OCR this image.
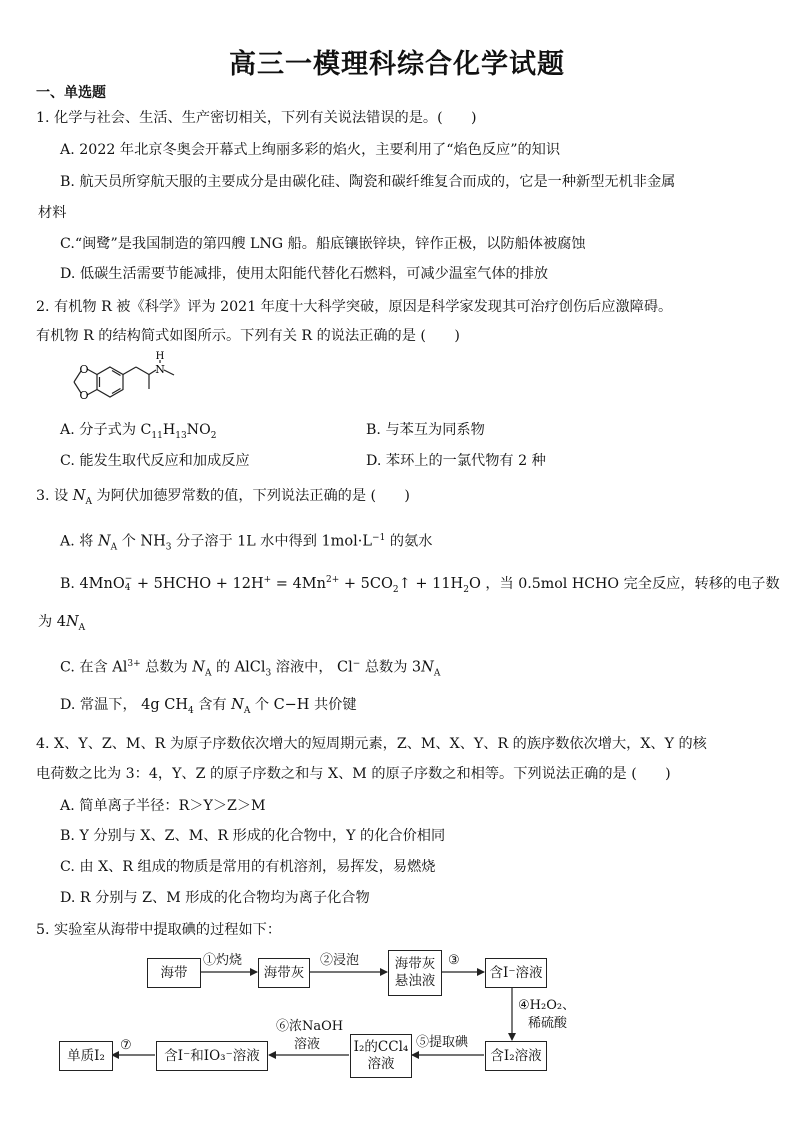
高三一模理科综合化学试题
一、单选题
1. 化学与社会、生活、生产密切相关，下列有关说法错误的是。(　　)
A. 2022 年北京冬奥会开幕式上绚丽多彩的焰火，主要利用了“焰色反应”的知识
B. 航天员所穿航天服的主要成分是由碳化硅、陶瓷和碳纤维复合而成的，它是一种新型无机非金属
材料
C.“闽鹭”是我国制造的第四艘 LNG 船。船底镶嵌锌块，锌作正极，以防船体被腐蚀
D. 低碳生活需要节能减排，使用太阳能代替化石燃料，可减少温室气体的排放
2. 有机物 R 被《科学》评为 2021 年度十大科学突破，原因是科学家发现其可治疗创伤后应激障碍。
有机物 R 的结构简式如图所示。下列有关 R 的说法正确的是 (　　)
O
O
N
H
A. 分子式为 $C_{11}H_{13}NO_2$	B. 与苯互为同系物
C. 能发生取代反应和加成反应	D. 苯环上的一氯代物有 2 种
3. 设 $N_A$ 为阿伏加德罗常数的值，下列说法正确的是 (　　)
A. 将 $N_A$ 个 $NH_3$ 分子溶于 1L 水中得到 $1mol\cdot L^{-1}$ 的氨水
B. 4MnO −
4 + 5HCHO + $12H^+ = 4Mn^{2+}$ + $5CO_2↑ + 11H_2O$ ，当 0.5mol HCHO 完全反应，转移的电子数
为 $4N_A$
C. 在含 $Al^{3+}$ 总数为 $N_A$ 的 AlCl$_3$ 溶液中， Cl− 总数为 $3N_A$
D. 常温下， 4g $CH_4$ 含有 $N_A$ 个 C−H 共价键
4. X、Y、Z、M、R 为原子序数依次增大的短周期元素，Z、M、X、Y、R 的族序数依次增大，X、Y 的核
电荷数之比为 3：4，Y、Z 的原子序数之和与 X、M 的原子序数之和相等。下列说法正确的是 (　　)
A. 简单离子半径：R＞Y＞Z＞M
B. Y 分别与 X、Z、M、R 形成的化合物中，Y 的化合价相同
C. 由 X、R 组成的物质是常用的有机溶剂，易挥发，易燃烧
D. R 分别与 Z、M 形成的化合物均为离子化合物
5. 实验室从海带中提取碘的过程如下：
海带
①灼烧
海带灰
②浸泡	海带灰
悬浊液
③
含I⁻溶液
④H₂O₂、
稀硫酸
含I₂溶液
⑤提取碘
I₂的CCl₄
溶液
⑥浓NaOH
溶液
含I⁻和IO₃⁻溶液
⑦
单质I₂
